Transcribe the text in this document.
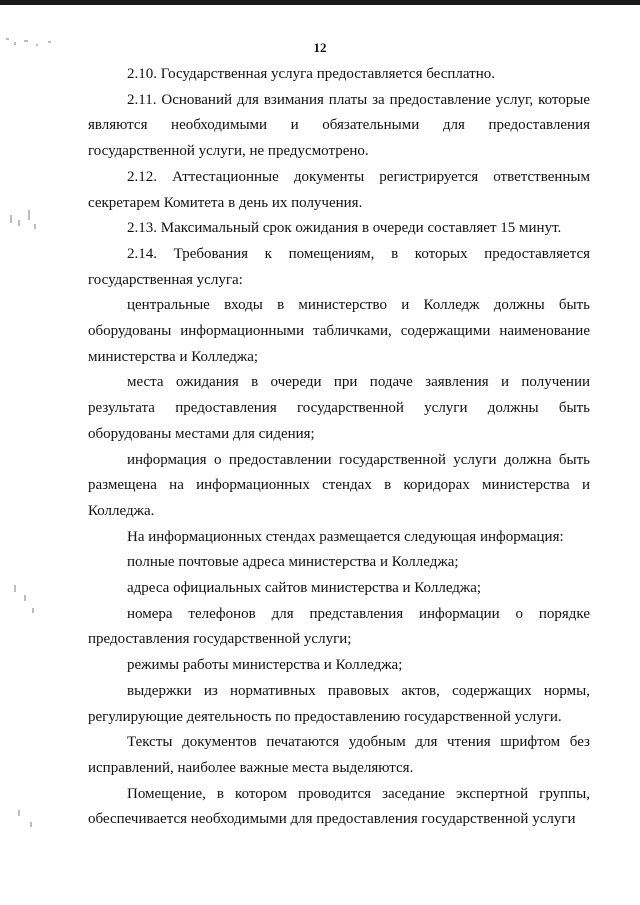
12

2.10. Государственная услуга предоставляется бесплатно.

2.11. Оснований для взимания платы за предоставление услуг, которые являются необходимыми и обязательными для предоставления государственной услуги, не предусмотрено.

2.12. Аттестационные документы регистрируется ответственным секретарем Комитета в день их получения.

2.13. Максимальный срок ожидания в очереди составляет 15 минут.

2.14. Требования к помещениям, в которых предоставляется государственная услуга:

центральные входы в министерство и Колледж должны быть оборудованы информационными табличками, содержащими наименование министерства и Колледжа;

места ожидания в очереди при подаче заявления и получении результата предоставления государственной услуги должны быть оборудованы местами для сидения;

информация о предоставлении государственной услуги должна быть размещена на информационных стендах в коридорах министерства и Колледжа.

На информационных стендах размещается следующая информация:

полные почтовые адреса министерства и Колледжа;

адреса официальных сайтов министерства и Колледжа;

номера телефонов для представления информации о порядке предоставления государственной услуги;

режимы работы министерства и Колледжа;

выдержки из нормативных правовых актов, содержащих нормы, регулирующие деятельность по предоставлению государственной услуги.

Тексты документов печатаются удобным для чтения шрифтом без исправлений, наиболее важные места выделяются.

Помещение, в котором проводится заседание экспертной группы, обеспечивается необходимыми для предоставления государственной услуги
